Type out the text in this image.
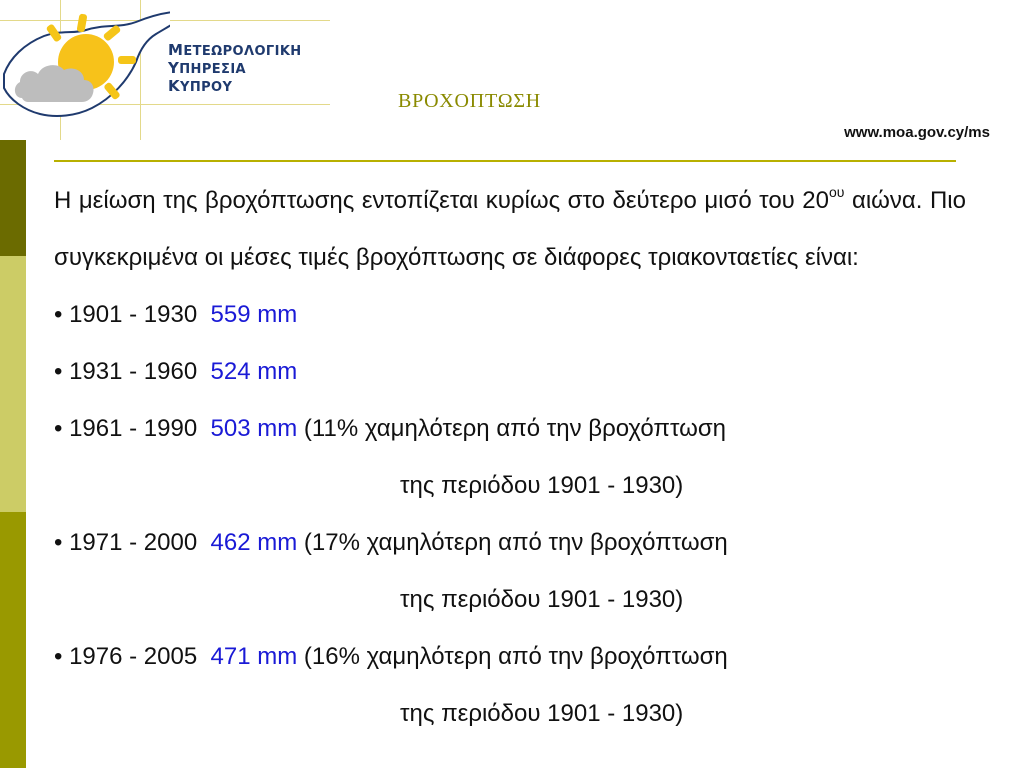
ΜΕΤΕΩΡΟΛΟΓΙΚΗ
ΥΠΗΡΕΣΙΑ
ΚΥΠΡΟΥ
ΒΡΟΧΟΠΤΩΣΗ
www.moa.gov.cy/ms

Η μείωση της βροχόπτωσης εντοπίζεται κυρίως στο δεύτερο μισό του $20^{o\upsilon}$ αιώνα. Πιο συγκεκριμένα οι μέσες τιμές βροχόπτωσης σε διάφορες τριακονταετίες είναι:

• 1901 - 1930 559 mm
• 1931 - 1960 524 mm
• 1961 - 1990 503 mm (11% χαμηλότερη από την βροχόπτωση
της περιόδου 1901 - 1930)
• 1971 - 2000 462 mm (17% χαμηλότερη από την βροχόπτωση
της περιόδου 1901 - 1930)
• 1976 - 2005 471 mm (16% χαμηλότερη από την βροχόπτωση
της περιόδου 1901 - 1930)
